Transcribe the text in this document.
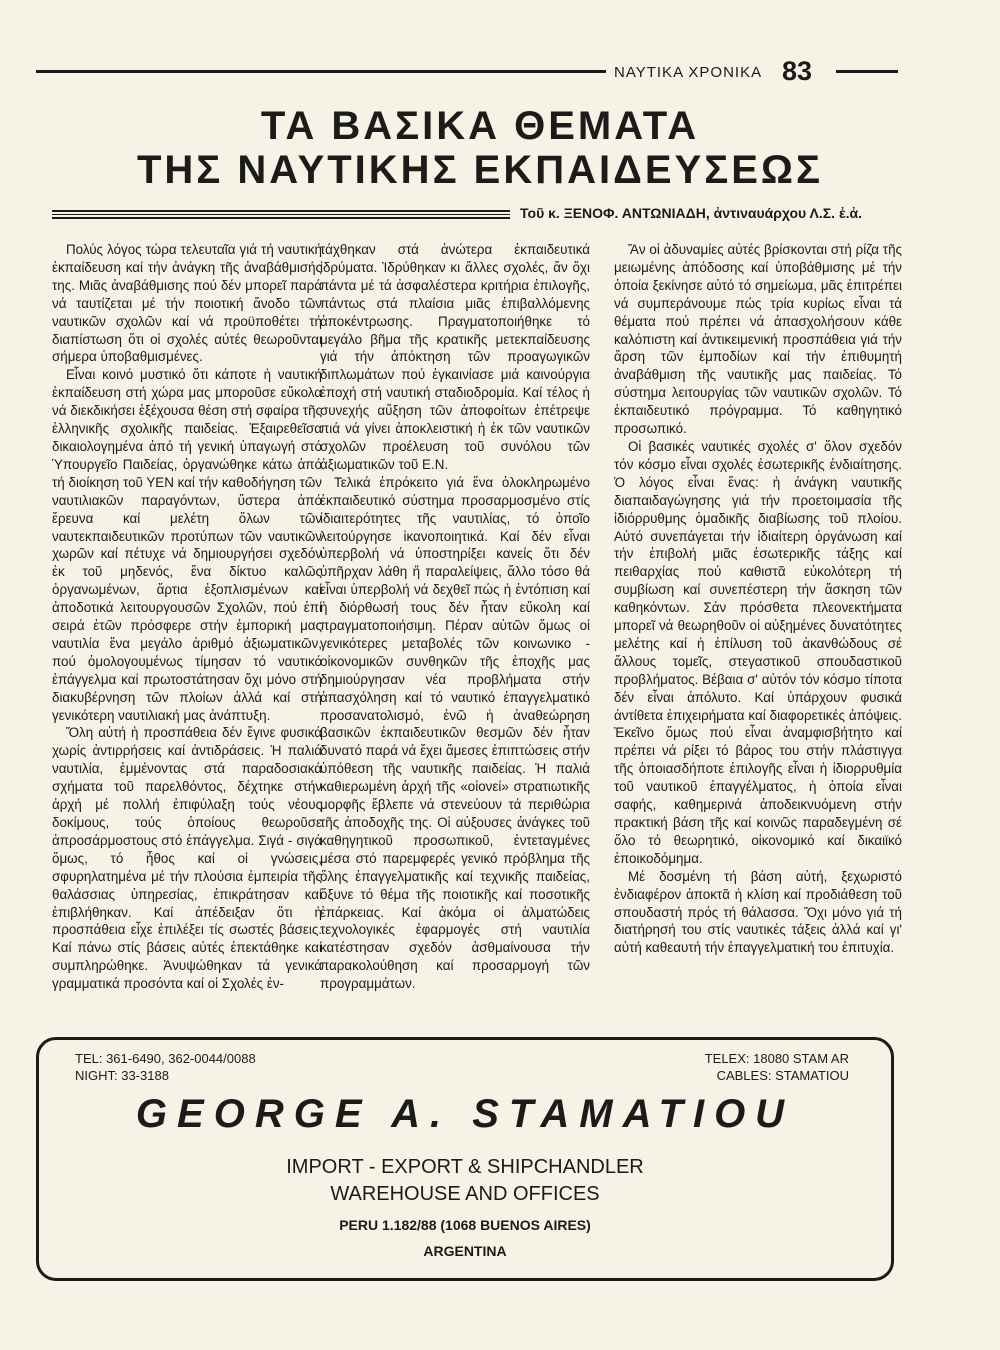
ΝΑΥΤΙΚΑ ΧΡΟΝΙΚΑ 83
ΤΑ ΒΑΣΙΚΑ ΘΕΜΑΤΑ
ΤΗΣ ΝΑΥΤΙΚΗΣ ΕΚΠΑΙΔΕΥΣΕΩΣ
Τοῦ κ. ΞΕΝΟΦ. ΑΝΤΩΝΙΑΔΗ, ἀντιναυάρχου Λ.Σ. ἐ.ἀ.

Πολύς λόγος τώρα τελευταῖα γιά τή ναυτική ἐκπαίδευση καί τήν ἀνάγκη τῆς ἀναβάθμισής της. Μιᾶς ἀναβάθμισης πού δέν μπορεῖ παρά νά ταυτίζεται μέ τήν ποιοτική ἄνοδο τῶν ναυτικῶν σχολῶν καί νά προϋποθέτει τή διαπίστωση ὅτι οἱ σχολές αὐτές θεωροῦνται σήμερα ὑποβαθμισμένες.

Εἶναι κοινό μυστικό ὅτι κάποτε ἡ ναυτική ἐκπαίδευση στή χώρα μας μποροῦσε εὔκολα νά διεκδικήσει ἐξέχουσα θέση στή σφαίρα τῆς ἑλληνικῆς σχολικῆς παιδείας. Ἐξαιρεθεῖσα δικαιολογημένα ἀπό τή γενική ὑπαγωγή στό Ὑπουργεῖο Παιδείας, ὀργανώθηκε κάτω ἀπό τή διοίκηση τοῦ ΥΕΝ καί τήν καθοδήγηση τῶν ναυτιλιακῶν παραγόντων, ὕστερα ἀπό ἔρευνα καί μελέτη ὅλων τῶν ναυτεκπαιδευτικῶν προτύπων τῶν ναυτικῶν χωρῶν καί πέτυχε νά δημιουργήσει σχεδόν ἐκ τοῦ μηδενός, ἕνα δίκτυο καλῶς ὀργανωμένων, ἄρτια ἐξοπλισμένων καί ἀποδοτικά λειτουργουσῶν Σχολῶν, πού ἐπί σειρά ἐτῶν πρόσφερε στήν ἐμπορική μας ναυτιλία ἕνα μεγάλο ἀριθμό ἀξιωματικῶν, πού ὁμολογουμένως τίμησαν τό ναυτικό ἐπάγγελμα καί πρωτοστάτησαν ὄχι μόνο στή διακυβέρνηση τῶν πλοίων ἀλλά καί στή γενικότερη ναυτιλιακή μας ἀνάπτυξη.

Ὅλη αὐτή ἡ προσπάθεια δέν ἔγινε φυσικά χωρίς ἀντιρρήσεις καί ἀντιδράσεις. Ἡ παλιά ναυτιλία, ἐμμένοντας στά παραδοσιακά σχήματα τοῦ παρελθόντος, δέχτηκε στήν ἀρχή μέ πολλή ἐπιφύλαξη τούς νέους δοκίμους, τούς ὁποίους θεωροῦσε ἀπροσάρμοστους στό ἐπάγγελμα. Σιγά - σιγά ὅμως, τό ἦθος καί οἱ γνώσεις, σφυρηλατημένα μέ τήν πλούσια ἐμπειρία τῆς θαλάσσιας ὑπηρεσίας, ἐπικράτησαν καί ἐπιβλήθηκαν. Καί ἀπέδειξαν ὅτι ἡ προσπάθεια εἶχε ἐπιλέξει τίς σωστές βάσεις. Καί πάνω στίς βάσεις αὐτές ἐπεκτάθηκε καί συμπληρώθηκε. Ἀνυψώθηκαν τά γενικά γραμματικά προσόντα καί οἱ Σχολές ἐν-

τάχθηκαν στά ἀνώτερα ἐκπαιδευτικά ἱδρύματα. Ἱδρύθηκαν κι ἄλλες σχολές, ἄν ὄχι πάντα μέ τά ἀσφαλέστερα κριτήρια ἐπιλογῆς, πάντως στά πλαίσια μιᾶς ἐπιβαλλόμενης ἀποκέντρωσης. Πραγματοποιήθηκε τό μεγάλο βῆμα τῆς κρατικῆς μετεκπαίδευσης γιά τήν ἀπόκτηση τῶν προαγωγικῶν διπλωμάτων πού ἐγκαινίασε μιά καινούργια ἐποχή στή ναυτική σταδιοδρομία. Καί τέλος ἡ συνεχής αὔξηση τῶν ἀποφοίτων ἐπέτρεψε πιά νά γίνει ἀποκλειστική ἡ ἐκ τῶν ναυτικῶν σχολῶν προέλευση τοῦ συνόλου τῶν ἀξιωματικῶν τοῦ Ε.Ν.

Τελικά ἐπρόκειτο γιά ἕνα ὁλοκληρωμένο ἐκπαιδευτικό σύστημα προσαρμοσμένο στίς ἰδιαιτερότητες τῆς ναυτιλίας, τό ὁποῖο λειτούργησε ἱκανοποιητικά. Καί δέν εἶναι ὑπερβολή νά ὑποστηρίξει κανείς ὅτι δέν ὑπῆρχαν λάθη ἤ παραλείψεις, ἄλλο τόσο θά εἶναι ὑπερβολή νά δεχθεῖ πώς ἡ ἐντόπιση καί ἡ διόρθωσή τους δέν ἦταν εὔκολη καί πραγματοποιήσιμη. Πέραν αὐτῶν ὅμως οἱ γενικότερες μεταβολές τῶν κοινωνικο - οἰκονομικῶν συνθηκῶν τῆς ἐποχῆς μας δημιούργησαν νέα προβλήματα στήν ἀπασχόληση καί τό ναυτικό ἐπαγγελματικό προσανατολισμό, ἐνῶ ἡ ἀναθεώρηση βασικῶν ἐκπαιδευτικῶν θεσμῶν δέν ἦταν δυνατό παρά νά ἔχει ἄμεσες ἐπιπτώσεις στήν ὑπόθεση τῆς ναυτικῆς παιδείας. Ἡ παλιά καθιερωμένη ἀρχή τῆς «οἰονεί» στρατιωτικῆς μορφῆς ἔβλεπε νά στενεύουν τά περιθώρια τῆς ἀποδοχῆς της. Οἱ αὐξουσες ἀνάγκες τοῦ καθηγητικοῦ προσωπικοῦ, ἐντεταγμένες μέσα στό παρεμφερές γενικό πρόβλημα τῆς ὅλης ἐπαγγελματικῆς καί τεχνικῆς παιδείας, ὄξυνε τό θέμα τῆς ποιοτικῆς καί ποσοτικῆς ἐπάρκειας. Καί ἀκόμα οἱ ἁλματώδεις τεχνολογικές ἐφαρμογές στή ναυτιλία κατέστησαν σχεδόν ἀσθμαίνουσα τήν παρακολούθηση καί προσαρμογή τῶν προγραμμάτων.

Ἄν οἱ ἀδυναμίες αὐτές βρίσκονται στή ρίζα τῆς μειωμένης ἀπόδοσης καί ὑποβάθμισης μέ τήν ὁποία ξεκίνησε αὐτό τό σημείωμα, μᾶς ἐπιτρέπει νά συμπεράνουμε πώς τρία κυρίως εἶναι τά θέματα πού πρέπει νά ἀπασχολήσουν κάθε καλόπιστη καί ἀντικειμενική προσπάθεια γιά τήν ἄρση τῶν ἐμποδίων καί τήν ἐπιθυμητή ἀναβάθμιση τῆς ναυτικῆς μας παιδείας. Τό σύστημα λειτουργίας τῶν ναυτικῶν σχολῶν. Τό ἐκπαιδευτικό πρόγραμμα. Τό καθηγητικό προσωπικό.

Οἱ βασικές ναυτικές σχολές σ' ὅλον σχεδόν τόν κόσμο εἶναι σχολές ἐσωτερικῆς ἐνδιαίτησης. Ὁ λόγος εἶναι ἕνας: ἡ ἀνάγκη ναυτικῆς διαπαιδαγώγησης γιά τήν προετοιμασία τῆς ἰδιόρρυθμης ὁμαδικῆς διαβίωσης τοῦ πλοίου. Αὐτό συνεπάγεται τήν ἰδιαίτερη ὀργάνωση καί τήν ἐπιβολή μιᾶς ἐσωτερικῆς τάξης καί πειθαρχίας πού καθιστᾶ εὐκολότερη τή συμβίωση καί συνεπέστερη τήν ἄσκηση τῶν καθηκόντων. Σάν πρόσθετα πλεονεκτήματα μπορεῖ νά θεωρηθοῦν οἱ αὐξημένες δυνατότητες μελέτης καί ἡ ἐπίλυση τοῦ ἀκανθώδους σέ ἄλλους τομεῖς, στεγαστικοῦ σπουδαστικοῦ προβλήματος. Βέβαια σ' αὐτόν τόν κόσμο τίποτα δέν εἶναι ἀπόλυτο. Καί ὑπάρχουν φυσικά ἀντίθετα ἐπιχειρήματα καί διαφορετικές ἀπόψεις. Ἐκεῖνο ὅμως πού εἶναι ἀναμφισβήτητο καί πρέπει νά ρίξει τό βάρος του στήν πλάστιγγα τῆς ὁποιασδήποτε ἐπιλογῆς εἶναι ἡ ἰδιορρυθμία τοῦ ναυτικοῦ ἐπαγγέλματος, ἡ ὁποία εἶναι σαφής, καθημερινά ἀποδεικνυόμενη στήν πρακτική βάση τῆς καί κοινῶς παραδεγμένη σέ ὅλο τό θεωρητικό, οἰκονομικό καί δικαιϊκό ἐποικοδόμημα.

Μέ δοσμένη τή βάση αὐτή, ξεχωριστό ἐνδιαφέρον ἀποκτᾶ ἡ κλίση καί προδιάθεση τοῦ σπουδαστή πρός τή θάλασσα. Ὄχι μόνο γιά τή διατήρησή του στίς ναυτικές τάξεις ἀλλά καί γι' αὐτή καθεαυτή τήν ἐπαγγελματική του ἐπιτυχία.

TEL: 361-6490, 362-0044/0088
NIGHT: 33-3188
TELEX: 18080 STAM AR
CABLES: STAMATIOU
GEORGE A. STAMATIOU
IMPORT - EXPORT & SHIPCHANDLER
WAREHOUSE AND OFFICES
PERU 1.182/88 (1068 BUENOS AIRES)
ARGENTINA
